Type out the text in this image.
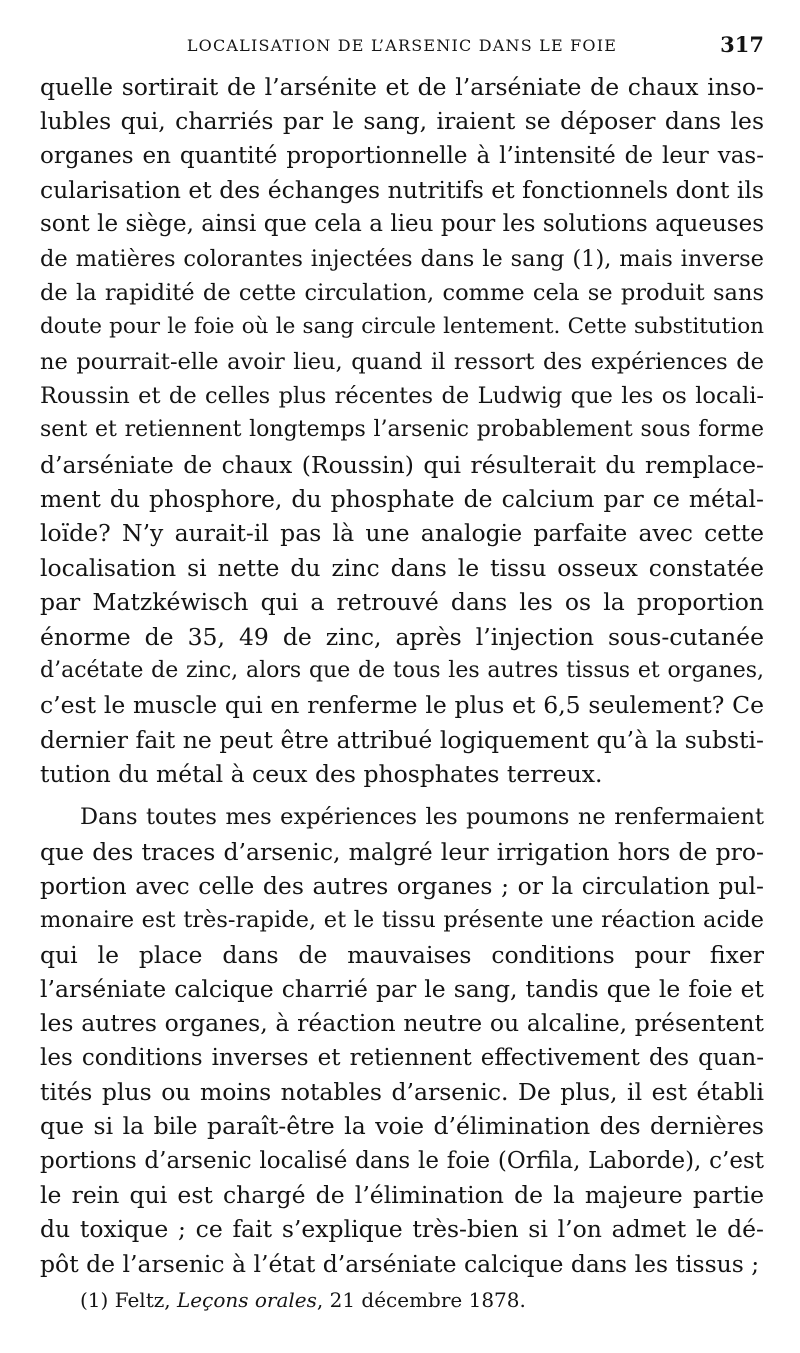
LOCALISATION DE L’ARSENIC DANS LE FOIE	317
quelle sortirait de l’arsénite et de l’arséniate de chaux inso-
lubles qui, charriés par le sang, iraient se déposer dans les
organes en quantité proportionnelle à l’intensité de leur vas-
cularisation et des échanges nutritifs et fonctionnels dont ils
sont le siège, ainsi que cela a lieu pour les solutions aqueuses
de matières colorantes injectées dans le sang (1), mais inverse
de la rapidité de cette circulation, comme cela se produit sans
doute pour le foie où le sang circule lentement. Cette substitution
ne pourrait-elle avoir lieu, quand il ressort des expériences de
Roussin et de celles plus récentes de Ludwig que les os locali-
sent et retiennent longtemps l’arsenic probablement sous forme
d’arséniate de chaux (Roussin) qui résulterait du remplace-
ment du phosphore, du phosphate de calcium par ce métal-
loïde? N’y aurait-il pas là une analogie parfaite avec cette
localisation si nette du zinc dans le tissu osseux constatée
par Matzkéwisch qui a retrouvé dans les os la proportion
énorme de 35, 49 de zinc, après l’injection sous-cutanée
d’acétate de zinc, alors que de tous les autres tissus et organes,
c’est le muscle qui en renferme le plus et 6,5 seulement? Ce
dernier fait ne peut être attribué logiquement qu’à la substi-
tution du métal à ceux des phosphates terreux.
Dans toutes mes expériences les poumons ne renfermaient
que des traces d’arsenic, malgré leur irrigation hors de pro-
portion avec celle des autres organes ; or la circulation pul-
monaire est très-rapide, et le tissu présente une réaction acide
qui le place dans de mauvaises conditions pour fixer
l’arséniate calcique charrié par le sang, tandis que le foie et
les autres organes, à réaction neutre ou alcaline, présentent
les conditions inverses et retiennent effectivement des quan-
tités plus ou moins notables d’arsenic. De plus, il est établi
que si la bile paraît-être la voie d’élimination des dernières
portions d’arsenic localisé dans le foie (Orfila, Laborde), c’est
le rein qui est chargé de l’élimination de la majeure partie
du toxique ; ce fait s’explique très-bien si l’on admet le dé-
pôt de l’arsenic à l’état d’arséniate calcique dans les tissus ;
(1) Feltz, Leçons orales, 21 décembre 1878.
